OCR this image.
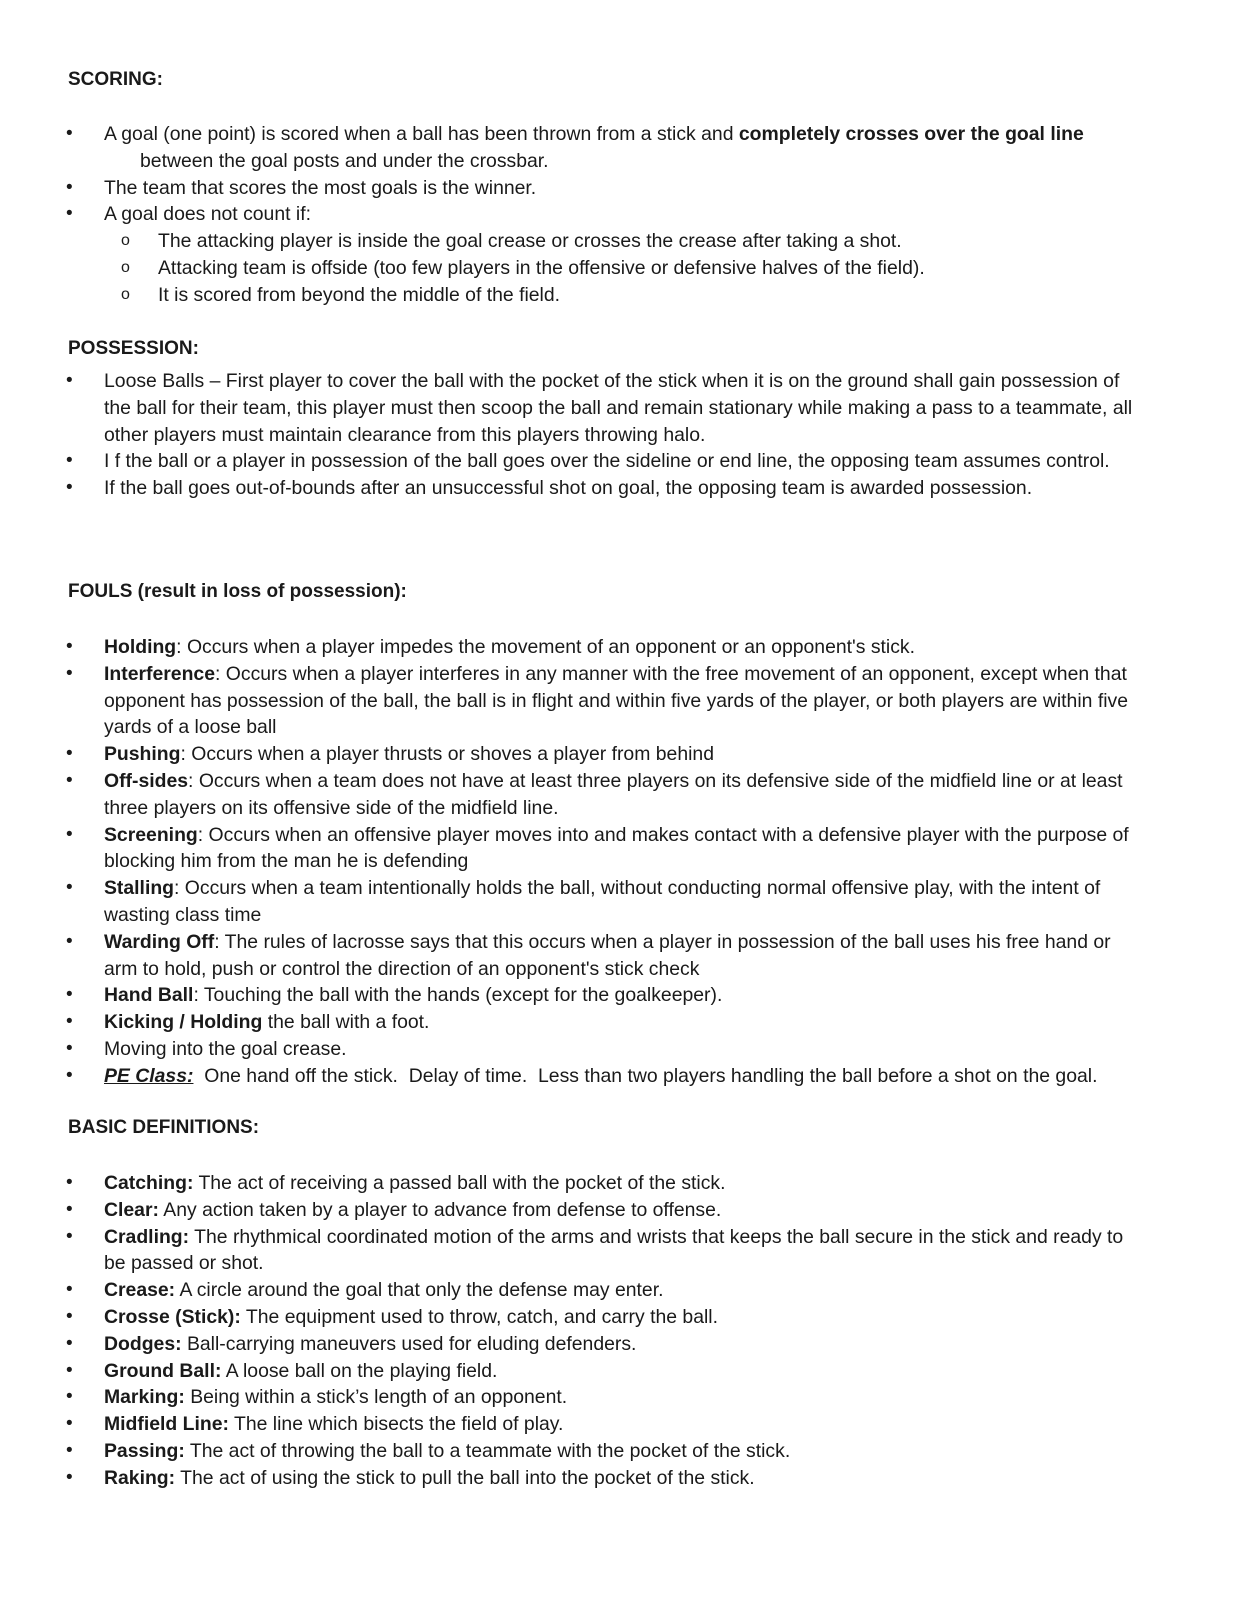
SCORING:
• A goal (one point) is scored when a ball has been thrown from a stick and completely crosses over the goal line
between the goal posts and under the crossbar.
• The team that scores the most goals is the winner.
• A goal does not count if:
o The attacking player is inside the goal crease or crosses the crease after taking a shot.
o Attacking team is offside (too few players in the offensive or defensive halves of the field).
o It is scored from beyond the middle of the field.
POSSESSION:
• Loose Balls – First player to cover the ball with the pocket of the stick when it is on the ground shall gain possession of the ball for their team, this player must then scoop the ball and remain stationary while making a pass to a teammate, all other players must maintain clearance from this players throwing halo.
• I f the ball or a player in possession of the ball goes over the sideline or end line, the opposing team assumes control.
• If the ball goes out-of-bounds after an unsuccessful shot on goal, the opposing team is awarded possession.
FOULS (result in loss of possession):
• Holding: Occurs when a player impedes the movement of an opponent or an opponent's stick.
• Interference: Occurs when a player interferes in any manner with the free movement of an opponent, except when that opponent has possession of the ball, the ball is in flight and within five yards of the player, or both players are within five yards of a loose ball
• Pushing: Occurs when a player thrusts or shoves a player from behind
• Off-sides: Occurs when a team does not have at least three players on its defensive side of the midfield line or at least three players on its offensive side of the midfield line.
• Screening: Occurs when an offensive player moves into and makes contact with a defensive player with the purpose of blocking him from the man he is defending
• Stalling: Occurs when a team intentionally holds the ball, without conducting normal offensive play, with the intent of wasting class time
• Warding Off: The rules of lacrosse says that this occurs when a player in possession of the ball uses his free hand or arm to hold, push or control the direction of an opponent's stick check
• Hand Ball: Touching the ball with the hands (except for the goalkeeper).
• Kicking / Holding the ball with a foot.
• Moving into the goal crease.
• PE Class:  One hand off the stick.  Delay of time.  Less than two players handling the ball before a shot on the goal.
BASIC DEFINITIONS:
• Catching: The act of receiving a passed ball with the pocket of the stick.
• Clear: Any action taken by a player to advance from defense to offense.
• Cradling: The rhythmical coordinated motion of the arms and wrists that keeps the ball secure in the stick and ready to be passed or shot.
• Crease: A circle around the goal that only the defense may enter.
• Crosse (Stick): The equipment used to throw, catch, and carry the ball.
• Dodges: Ball-carrying maneuvers used for eluding defenders.
• Ground Ball: A loose ball on the playing field.
• Marking: Being within a stick’s length of an opponent.
• Midfield Line: The line which bisects the field of play.
• Passing: The act of throwing the ball to a teammate with the pocket of the stick.
• Raking: The act of using the stick to pull the ball into the pocket of the stick.
